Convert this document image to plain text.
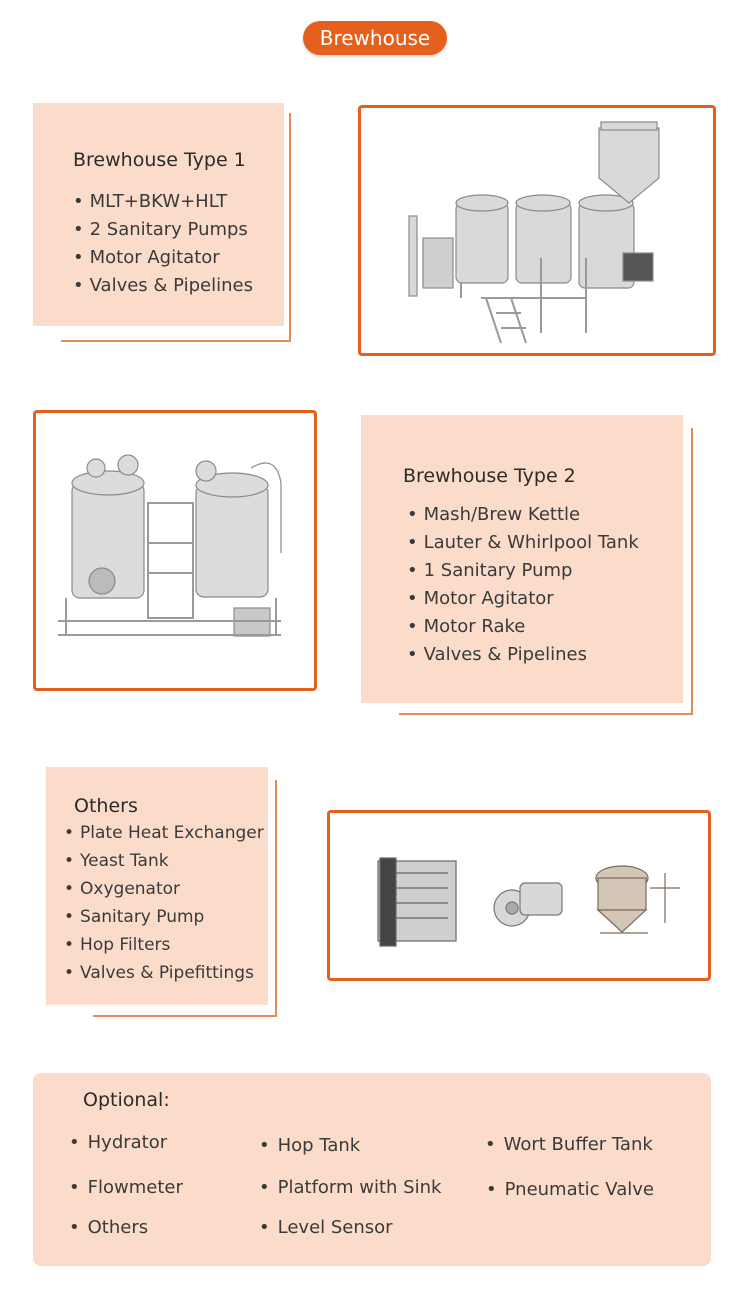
Brewhouse
Brewhouse Type 1
• MLT+BKW+HLT
• 2 Sanitary Pumps
• Motor Agitator
• Valves & Pipelines
Brewhouse Type 2
• Mash/Brew Kettle
• Lauter & Whirlpool Tank
• 1 Sanitary Pump
• Motor Agitator
• Motor Rake
• Valves & Pipelines
Others
• Plate Heat Exchanger
• Yeast Tank
• Oxygenator
• Sanitary Pump
• Hop Filters
• Valves & Pipefittings
Optional:
• Hydrator
• Flowmeter
• Others
• Hop Tank
• Platform with Sink
• Level Sensor
• Wort Buffer Tank
• Pneumatic Valve
